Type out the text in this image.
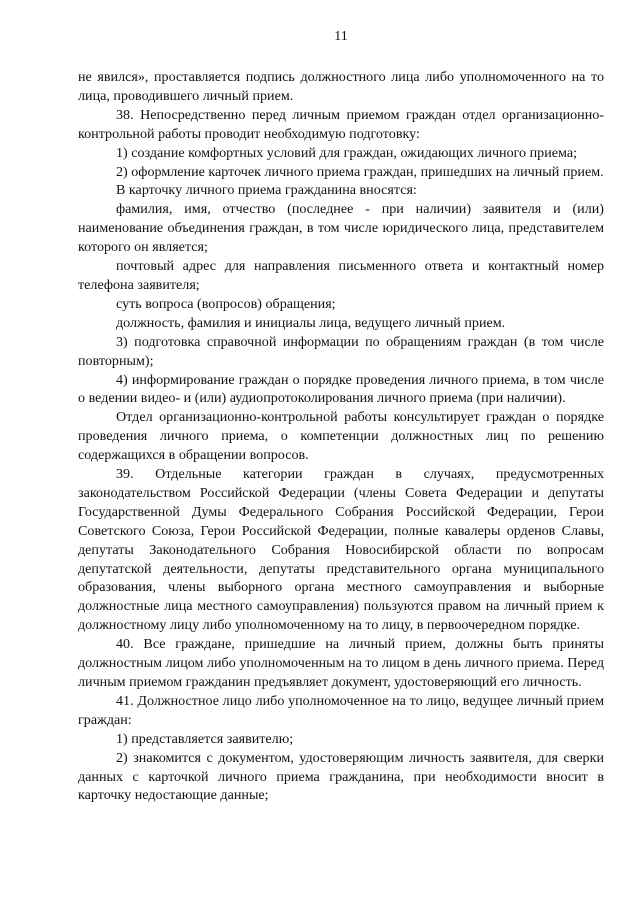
11

не явился», проставляется подпись должностного лица либо уполномоченного на то лица, проводившего личный прием.

38. Непосредственно перед личным приемом граждан отдел организационно-контрольной работы проводит необходимую подготовку:

1) создание комфортных условий для граждан, ожидающих личного приема;

2) оформление карточек личного приема граждан, пришедших на личный прием.

В карточку личного приема гражданина вносятся:

фамилия, имя, отчество (последнее - при наличии) заявителя и (или) наименование объединения граждан, в том числе юридического лица, представителем которого он является;

почтовый адрес для направления письменного ответа и контактный номер телефона заявителя;

суть вопроса (вопросов) обращения;

должность, фамилия и инициалы лица, ведущего личный прием.

3) подготовка справочной информации по обращениям граждан (в том числе повторным);

4) информирование граждан о порядке проведения личного приема, в том числе о ведении видео- и (или) аудиопротоколирования личного приема (при наличии).

Отдел организационно-контрольной работы консультирует граждан о порядке проведения личного приема, о компетенции должностных лиц по решению содержащихся в обращении вопросов.

39. Отдельные категории граждан в случаях, предусмотренных законодательством Российской Федерации (члены Совета Федерации и депутаты Государственной Думы Федерального Собрания Российской Федерации, Герои Советского Союза, Герои Российской Федерации, полные кавалеры орденов Славы, депутаты Законодательного Собрания Новосибирской области по вопросам депутатской деятельности, депутаты представительного органа муниципального образования, члены выборного органа местного самоуправления и выборные должностные лица местного самоуправления) пользуются правом на личный прием к должностному лицу либо уполномоченному на то лицу, в первоочередном порядке.

40. Все граждане, пришедшие на личный прием, должны быть приняты должностным лицом либо уполномоченным на то лицом в день личного приема. Перед личным приемом гражданин предъявляет документ, удостоверяющий его личность.

41. Должностное лицо либо уполномоченное на то лицо, ведущее личный прием граждан:

1) представляется заявителю;

2) знакомится с документом, удостоверяющим личность заявителя, для сверки данных с карточкой личного приема гражданина, при необходимости вносит в карточку недостающие данные;
